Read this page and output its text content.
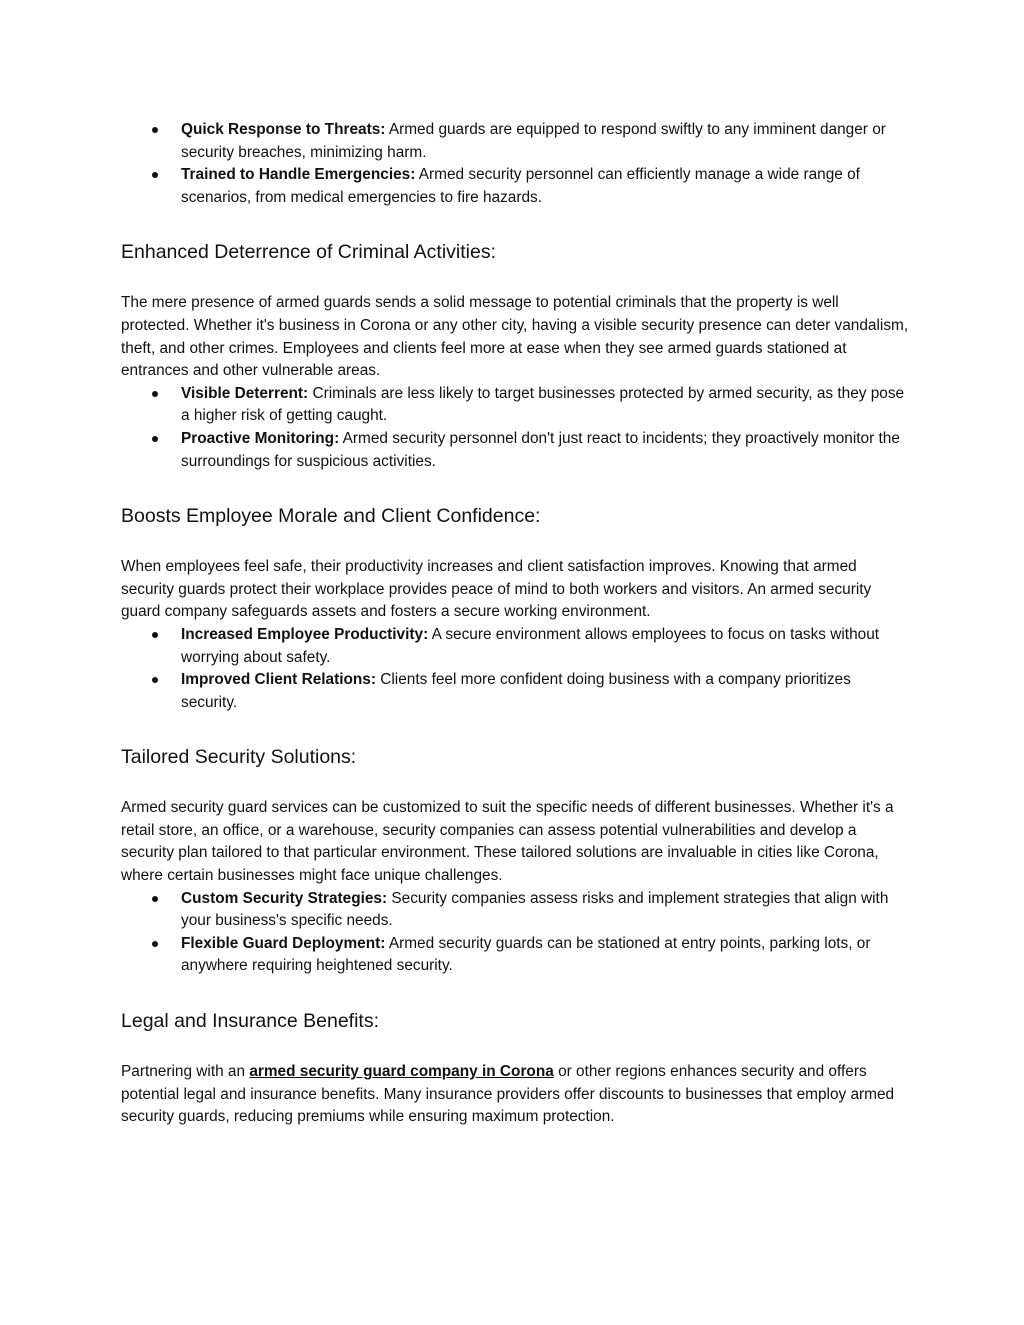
Quick Response to Threats: Armed guards are equipped to respond swiftly to any imminent danger or security breaches, minimizing harm.
Trained to Handle Emergencies: Armed security personnel can efficiently manage a wide range of scenarios, from medical emergencies to fire hazards.
Enhanced Deterrence of Criminal Activities:

The mere presence of armed guards sends a solid message to potential criminals that the property is well protected. Whether it's business in Corona or any other city, having a visible security presence can deter vandalism, theft, and other crimes. Employees and clients feel more at ease when they see armed guards stationed at entrances and other vulnerable areas.

Visible Deterrent: Criminals are less likely to target businesses protected by armed security, as they pose a higher risk of getting caught.
Proactive Monitoring: Armed security personnel don't just react to incidents; they proactively monitor the surroundings for suspicious activities.
Boosts Employee Morale and Client Confidence:

When employees feel safe, their productivity increases and client satisfaction improves. Knowing that armed security guards protect their workplace provides peace of mind to both workers and visitors. An armed security guard company safeguards assets and fosters a secure working environment.

Increased Employee Productivity: A secure environment allows employees to focus on tasks without worrying about safety.
Improved Client Relations: Clients feel more confident doing business with a company prioritizes security.
Tailored Security Solutions:

Armed security guard services can be customized to suit the specific needs of different businesses. Whether it's a retail store, an office, or a warehouse, security companies can assess potential vulnerabilities and develop a security plan tailored to that particular environment. These tailored solutions are invaluable in cities like Corona, where certain businesses might face unique challenges.

Custom Security Strategies: Security companies assess risks and implement strategies that align with your business's specific needs.
Flexible Guard Deployment: Armed security guards can be stationed at entry points, parking lots, or anywhere requiring heightened security.
Legal and Insurance Benefits:

Partnering with an armed security guard company in Corona or other regions enhances security and offers potential legal and insurance benefits. Many insurance providers offer discounts to businesses that employ armed security guards, reducing premiums while ensuring maximum protection.
